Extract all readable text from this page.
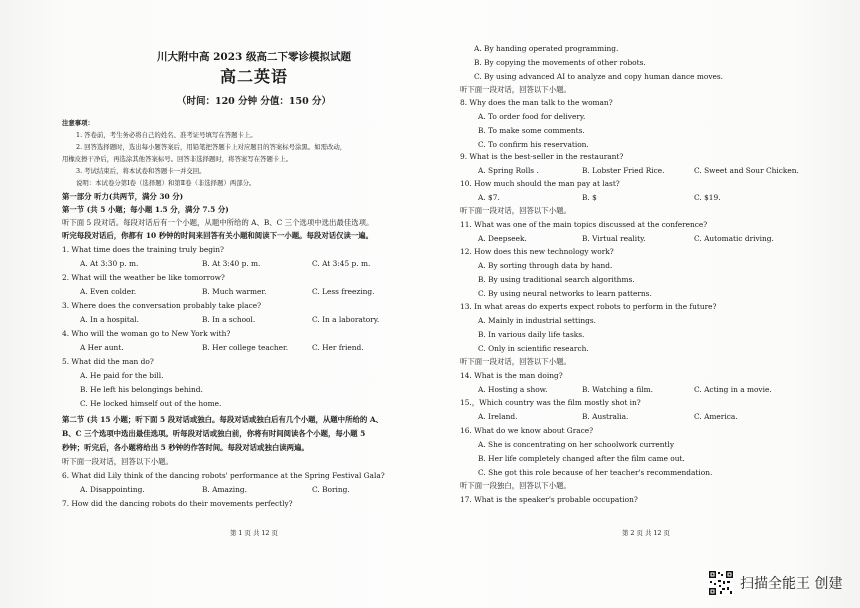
川大附中高 2023 级高二下零诊模拟试题
高二英语
（时间：120 分钟 分值：150 分）
注意事项：
1. 答卷前，考生务必将自己的姓名、准考证号填写在答题卡上。
2. 回答选择题时，选出每小题答案后，用铅笔把答题卡上对应题目的答案标号涂黑。如需改动，
用橡皮擦干净后，再选涂其他答案标号。回答非选择题时，将答案写在答题卡上。
3. 考试结束后，将本试卷和答题卡一并交回。
说明：本试卷分第Ⅰ卷（选择题）和第Ⅱ卷（非选择题）两部分。
第一部分 听力(共两节，满分 30 分)
第一节 (共 5 小题；每小题 1.5 分，满分 7.5 分)
听下面 5 段对话。每段对话后有一个小题，从题中所给的 A、B、C 三个选项中选出最佳选项。
听完每段对话后，你都有 10 秒钟的时间来回答有关小题和阅读下一小题。每段对话仅读一遍。
1. What time does the training truly begin?
A. At 3:30 p. m.	B. At 3:40 p. m.	C. At 3:45 p. m.
2. What will the weather be like tomorrow?
A. Even colder.	B. Much warmer.	C. Less freezing.
3. Where does the conversation probably take place?
A. In a hospital.	B. In a school.	C. In a laboratory.
4. Who will the woman go to New York with?
A Her aunt.	B. Her college teacher.	C. Her friend.
5. What did the man do?
A. He paid for the bill.
B. He left his belongings behind.
C. He locked himself out of the home.
第二节 (共 15 小题；听下面 5 段对话或独白。每段对话或独白后有几个小题，从题中所给的 A、
B、C 三个选项中选出最佳选项。听每段对话或独白前，你将有时间阅读各个小题，每小题 5
秒钟；听完后，各小题将给出 5 秒钟的作答时间。每段对话或独白读两遍。
听下面一段对话，回答以下小题。
6. What did Lily think of the dancing robots' performance at the Spring Festival Gala?
A. Disappointing.	B. Amazing.	C. Boring.
7. How did the dancing robots do their movements perfectly?
第 1 页 共 12 页
A. By handing operated programming.
B. By copying the movements of other robots.
C. By using advanced AI to analyze and copy human dance moves.
听下面一段对话，回答以下小题。
8. Why does the man talk to the woman?
A. To order food for delivery.
B. To make some comments.
C. To confirm his reservation.
9. What is the best-seller in the restaurant?
A. Spring Rolls .	B. Lobster Fried Rice.	C. Sweet and Sour Chicken.
10. How much should the man pay at last?
A. $7.	B. $	C. $19.
听下面一段对话，回答以下小题。
11. What was one of the main topics discussed at the conference?
A. Deepseek.	B. Virtual reality.	C. Automatic driving.
12. How does this new technology work?
A. By sorting through data by hand.
B. By using traditional search algorithms.
C. By using neural networks to learn patterns.
13. In what areas do experts expect robots to perform in the future?
A. Mainly in industrial settings.
B. In various daily life tasks.
C. Only in scientific research.
听下面一段对话，回答以下小题。
14. What is the man doing?
A. Hosting a show.	B. Watching a film.	C. Acting in a movie.
15.，Which country was the film mostly shot in?
A. Ireland.	B. Australia.	C. America.
16. What do we know about Grace?
A. She is concentrating on her schoolwork currently
B. Her life completely changed after the film came out.
C. She got this role because of her teacher's recommendation.
听下面一段独白，回答以下小题。
17. What is the speaker's probable occupation?
第 2 页 共 12 页
扫描全能王 创建
